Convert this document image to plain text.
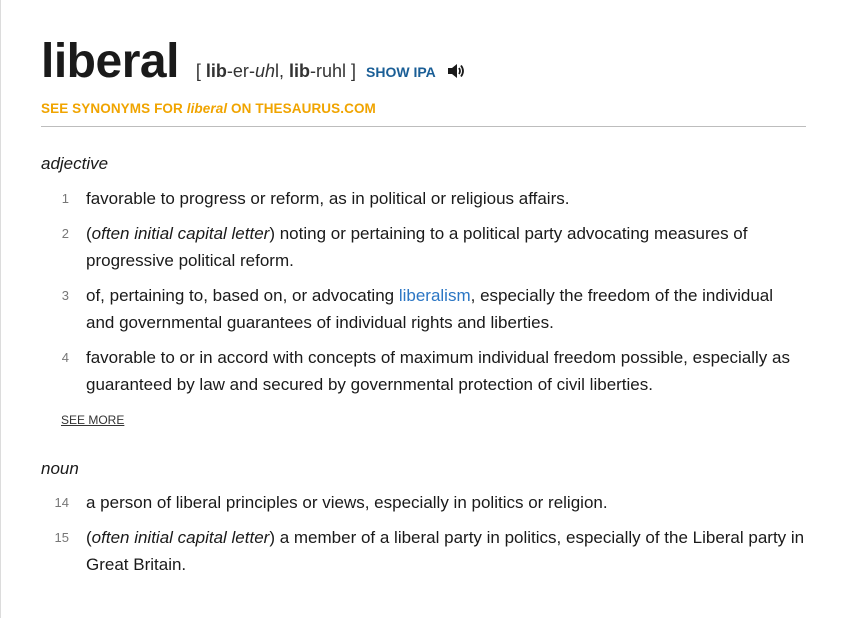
liberal [ lib-er-uhl, lib-ruhl ] SHOW IPA
SEE SYNONYMS FOR liberal ON THESAURUS.COM
adjective
1 favorable to progress or reform, as in political or religious affairs.
2 (often initial capital letter) noting or pertaining to a political party advocating measures of progressive political reform.
3 of, pertaining to, based on, or advocating liberalism, especially the freedom of the individual and governmental guarantees of individual rights and liberties.
4 favorable to or in accord with concepts of maximum individual freedom possible, especially as guaranteed by law and secured by governmental protection of civil liberties.
SEE MORE
noun
14 a person of liberal principles or views, especially in politics or religion.
15 (often initial capital letter) a member of a liberal party in politics, especially of the Liberal party in Great Britain.
